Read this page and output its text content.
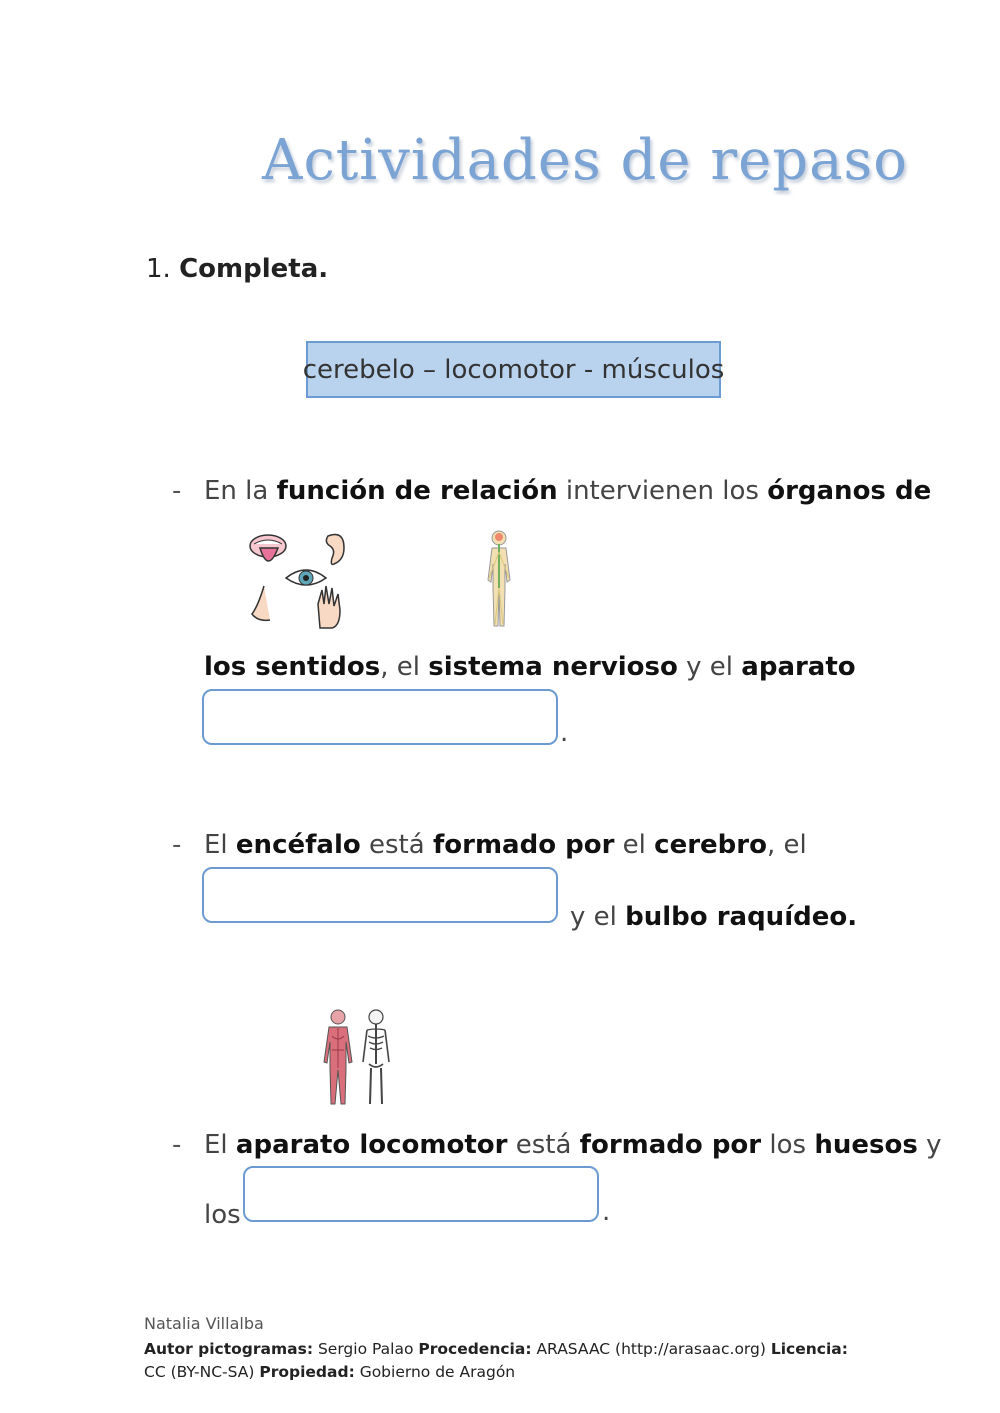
Actividades de repaso
1. Completa.
cerebelo – locomotor - músculos
- En la función de relación intervienen los órganos de
los sentidos, el sistema nervioso y el aparato
.
- El encéfalo está formado por el cerebro, el
y el bulbo raquídeo.
- El aparato locomotor está formado por los huesos y
los	.
Natalia Villalba
Autor pictogramas: Sergio Palao Procedencia: ARASAAC (http://arasaac.org) Licencia: CC (BY-NC-SA) Propiedad: Gobierno de Aragón
